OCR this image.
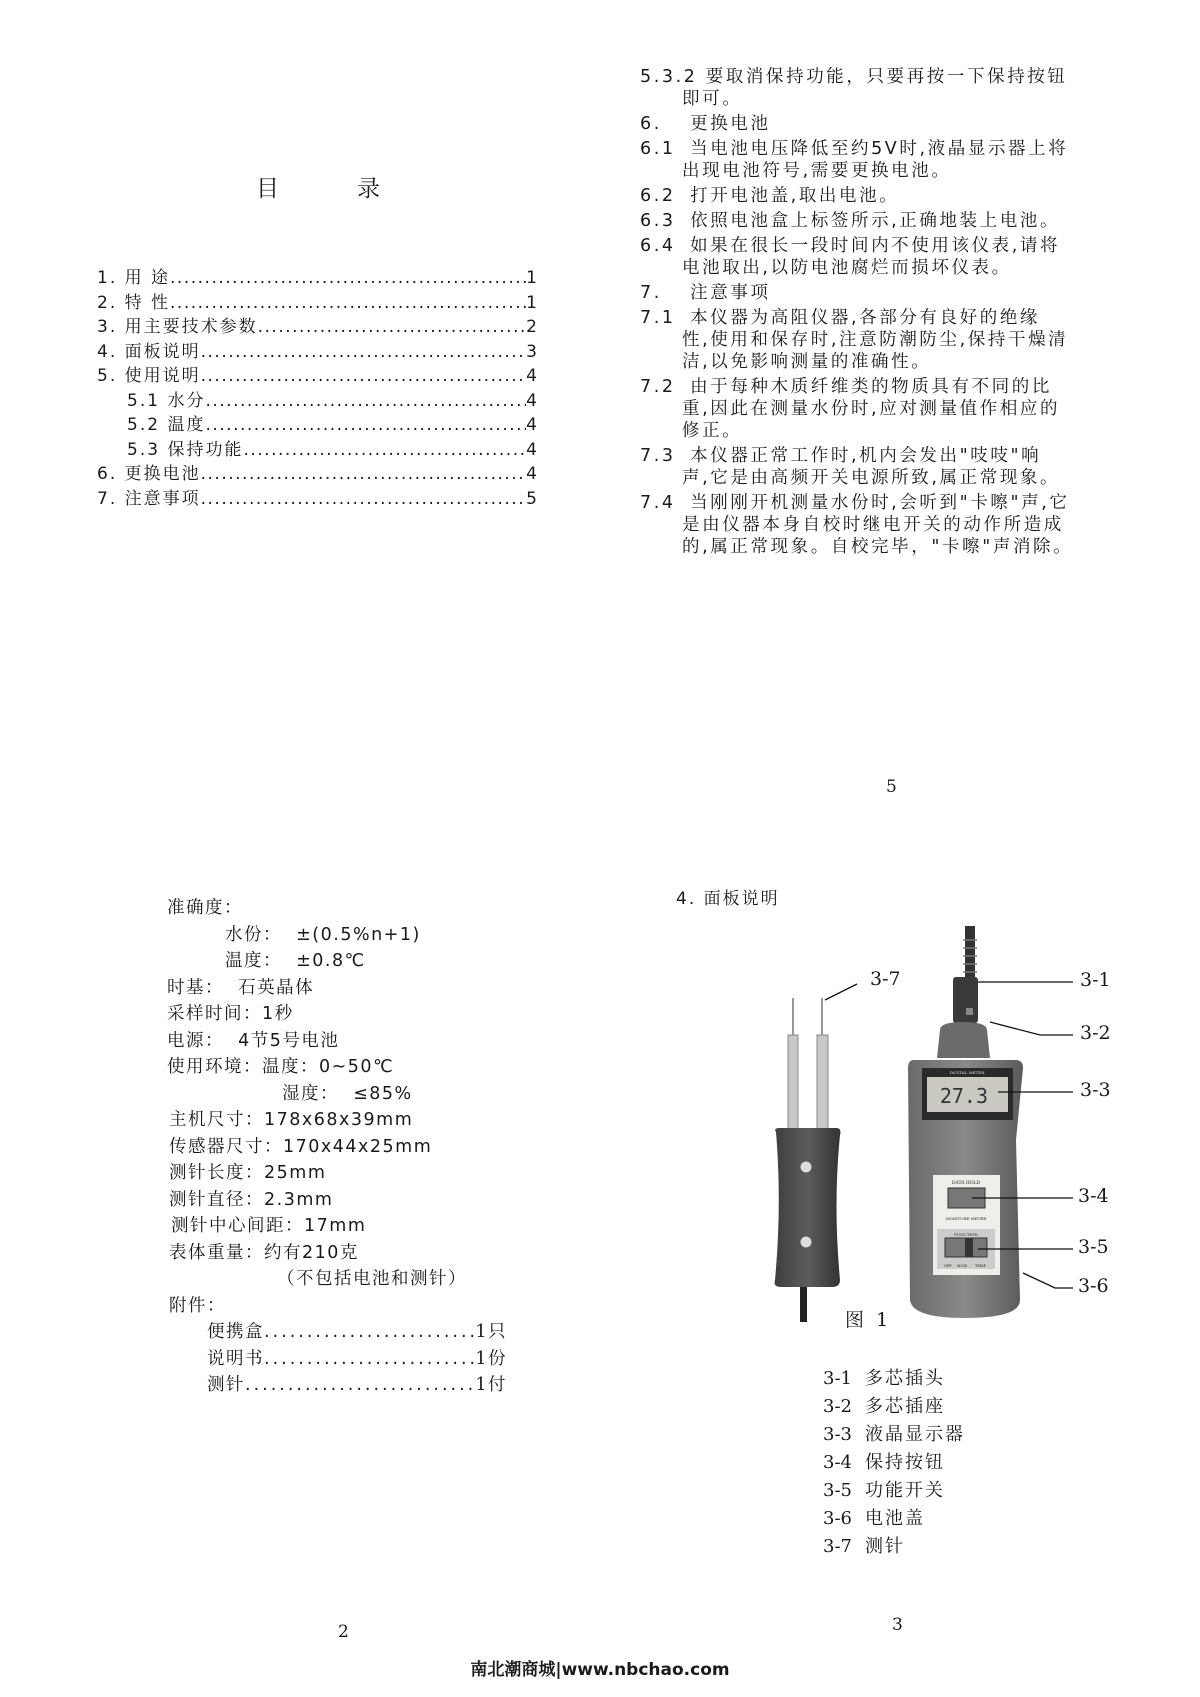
目	录
1. 用 途 .....	1
2. 特 性 .....	1
3. 用主要技术参数 .....	2
4. 面板说明 .....	3
5. 使用说明 .....	4
5.1 水分 .....	4
5.2 温度 .....	4
5.3 保持功能 .....	4
6. 更换电池 .....	4
7. 注意事项 .....	5
5.3.2 要取消保持功能，只要再按一下保持按钮
即可。
6. 更换电池
6.1 当电池电压降低至约5V时,液晶显示器上将
出现电池符号,需要更换电池。
6.2 打开电池盖,取出电池。
6.3 依照电池盒上标签所示,正确地装上电池。
6.4 如果在很长一段时间内不使用该仪表,请将
电池取出,以防电池腐烂而损坏仪表。
7. 注意事项
7.1 本仪器为高阻仪器,各部分有良好的绝缘
性,使用和保存时,注意防潮防尘,保持干燥清
洁,以免影响测量的准确性。
7.2 由于每种木质纤维类的物质具有不同的比
重,因此在测量水份时,应对测量值作相应的
修正。
7.3 本仪器正常工作时,机内会发出"吱吱"响
声,它是由高频开关电源所致,属正常现象。
7.4 当刚刚开机测量水份时,会听到"卡嚓"声,它
是由仪器本身自校时继电开关的动作所造成
的,属正常现象。自校完毕，"卡嚓"声消除。
5
准确度：
水份：  ±(0.5%n+1)
温度：  ±0.8℃
时基：  石英晶体
采样时间：1秒
电源：  4节5号电池
使用环境：温度：0~50℃
湿度：  ≤85%
主机尺寸：178x68x39mm
传感器尺寸：170x44x25mm
测针长度：25mm
测针直径：2.3mm
测针中心间距：17mm
表体重量：约有210克
（不包括电池和测针）
附件：
便携盒 .....	1只
说明书 .....	1份
测针 .....	1付
2
4. 面板说明
DIGITAL METER
27.3
DATA HOLD
MOISTURE METER
FUNCTION
OFF MOIS TEMP
3-1
3-2
3-3
3-4
3-5
3-6
3-7
图  1
3-1 多芯插头
3-2 多芯插座
3-3 液晶显示器
3-4 保持按钮
3-5 功能开关
3-6 电池盖
3-7 测针
3
南北潮商城|www.nbchao.com
